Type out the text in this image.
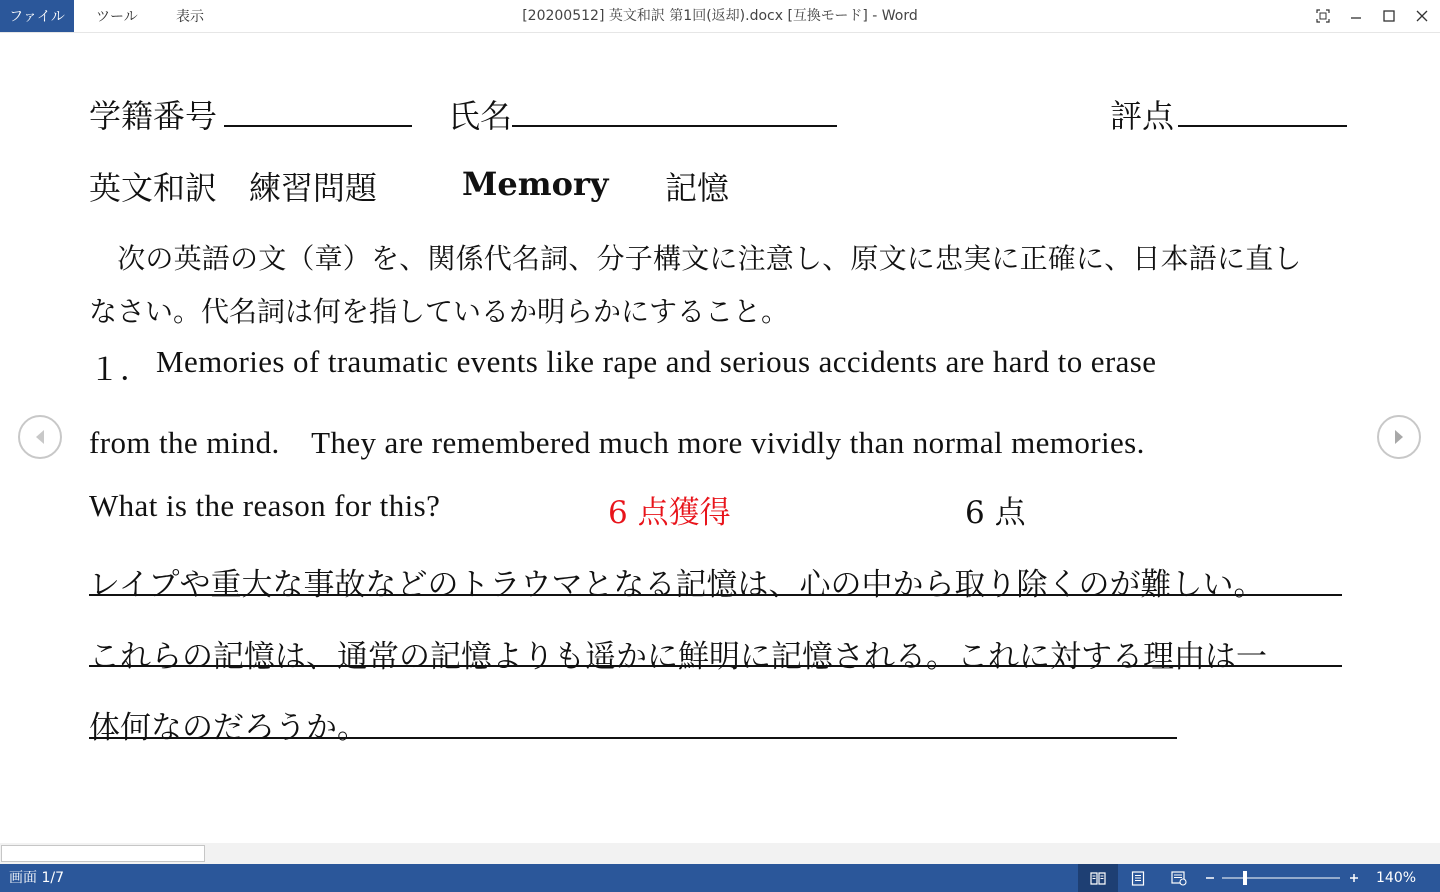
ファイル	ツール	表示	[20200512] 英文和訳 第1回(返却).docx [互換モード] - Word
学籍番号	氏名	評点
英文和訳　練習問題	Memory 記憶
　次の英語の文（章）を、関係代名詞、分子構文に注意し、原文に忠実に正確に、日本語に直し
なさい。代名詞は何を指しているか明らかにすること。
１． Memories of traumatic events like rape and serious accidents are hard to erase
from the mind.　They are remembered much more vividly than normal memories.
What is the reason for this?	6 点獲得	6 点
レイプや重大な事故などのトラウマとなる記憶は、心の中から取り除くのが難しい。
これらの記憶は、通常の記憶よりも遥かに鮮明に記憶される。これに対する理由は一
体何なのだろうか。
画面 1/7	140%
